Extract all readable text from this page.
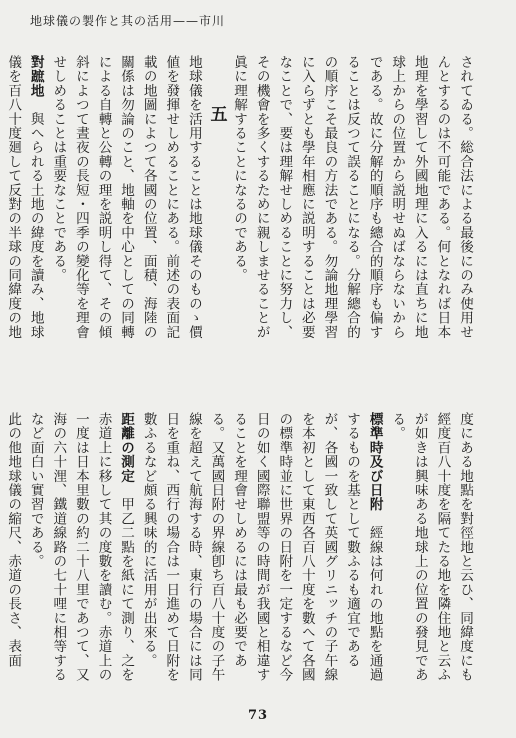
地球儀の製作と其の活用——市川
されてゐる。総合法による最後にのみ使用せんとするのは不可能である。何となれば日本地理を學習して外國地理に入るには直ちに地球上からの位置から説明せぬばならないからである。故に分解的順序も總合的順序も偏することは反つて誤ることになる。分解總合的の順序こそ最良の方法である。勿論地理學習に入らずとも學年相應に説明することは必要なことで、要は理解せしめることに努力し、その機會を多くするために親しませることが眞に理解することになるのである。
五
地球儀を活用することは地球儀そのものゝ價値を發揮せしめることにある。前述の表面記載の地圖によつて各國の位置、面積、海陸の關係は勿論のこと、地軸を中心としての同轉による自轉と公轉の理を説明し得て、その傾斜によつて晝夜の長短・四季の變化等を理會せしめることは重要なことである。
對蹠地　與へられる土地の緯度を讀み、地球儀を百八十度廻して反對の半球の同緯度の地
度にある地點を對徑地と云ひ、同緯度にも經度百八十度を隔てたる地を隣住地と云ふが如きは興味ある地球上の位置の發見である。
標準時及び日附　經線は何れの地點を通過するものを基として數ふるも適宜であるが、各國一致して英國グリニッチの子午線を本初として東西各百八十度を數へて各國の標準時並に世界の日附を一定するなど今日の如く國際聯盟等の時間が我國と相違することを理會せしめるには最も必要である。又萬國日附の界線卽ち百八十度の子午線を超えて航海する時、東行の場合には同日を重ね、西行の場合は一日進めて日附を數ふるなど頗る興味的に活用が出來る。
距離の測定　甲乙二點を紙にて測り、之を赤道上に移して其の度數を讀む。赤道上の一度は日本里數の約二十八里であつて、又海の六十浬、鐵道線路の七十哩に相等するなど面白い實習である。
此の他地球儀の縮尺、赤道の長さ、表面
73
